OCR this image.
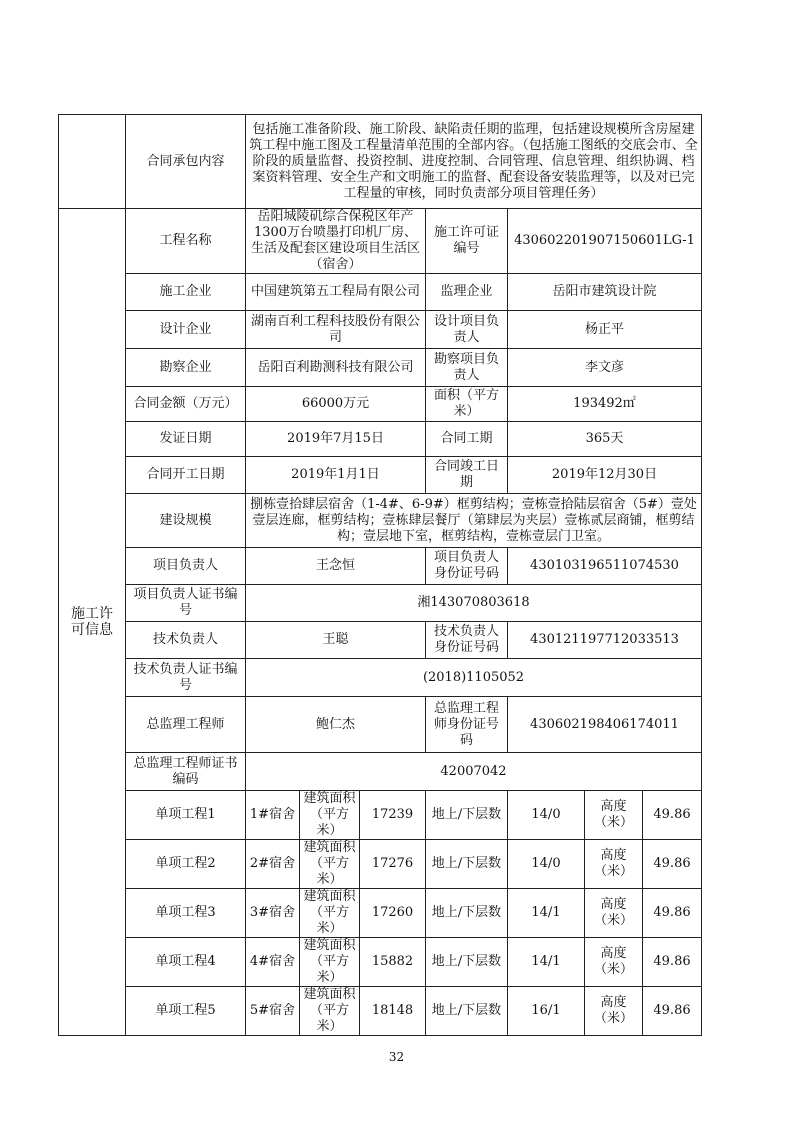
	合同承包内容	包括施工准备阶段、施工阶段、缺陷责任期的监理，包括建设规模所含房屋建筑工程中施工图及工程量清单范围的全部内容。（包括施工图纸的交底会市、全阶段的质量监督、投资控制、进度控制、合同管理、信息管理、组织协调、档案资料管理、安全生产和文明施工的监督、配套设备安装监理等，以及对已完工程量的审核，同时负责部分项目管理任务）						
施工许可信息	工程名称	岳阳城陵矶综合保税区年产1300万台喷墨打印机厂房、生活及配套区建设项目生活区（宿舍）			施工许可证编号	430602201907150601LG-1		
	施工企业	中国建筑第五工程局有限公司			监理企业	岳阳市建筑设计院		
	设计企业	湖南百利工程科技股份有限公司			设计项目负责人	杨正平		
	勘察企业	岳阳百利勘测科技有限公司			勘察项目负责人	李文彦		
	合同金额（万元）	66000万元			面积（平方米）	193492㎡		
	发证日期	2019年7月15日			合同工期	365天		
	合同开工日期	2019年1月1日			合同竣工日期	2019年12月30日		
	建设规模	捌栋壹拾肆层宿舍（1-4#、6-9#）框剪结构；壹栋壹拾陆层宿舍（5#）壹处壹层连廊，框剪结构；壹栋肆层餐厅（第肆层为夹层）壹栋贰层商铺，框剪结构；壹层地下室，框剪结构，壹栋壹层门卫室。						
	项目负责人	王念恒			项目负责人身份证号码	430103196511074530		
	项目负责人证书编号	湘143070803618						
	技术负责人	王聪			技术负责人身份证号码	430121197712033513		
	技术负责人证书编号	(2018)1105052						
	总监理工程师	鲍仁杰			总监理工程师身份证号码	430602198406174011		
	总监理工程师证书编码	42007042						
	单项工程1	1#宿舍	建筑面积（平方米）	17239	地上/下层数	14/0	高度（米）	49.86
	单项工程2	2#宿舍	建筑面积（平方米）	17276	地上/下层数	14/0	高度（米）	49.86
	单项工程3	3#宿舍	建筑面积（平方米）	17260	地上/下层数	14/1	高度（米）	49.86
	单项工程4	4#宿舍	建筑面积（平方米）	15882	地上/下层数	14/1	高度（米）	49.86
	单项工程5	5#宿舍	建筑面积（平方米）	18148	地上/下层数	16/1	高度（米）	49.86
32
